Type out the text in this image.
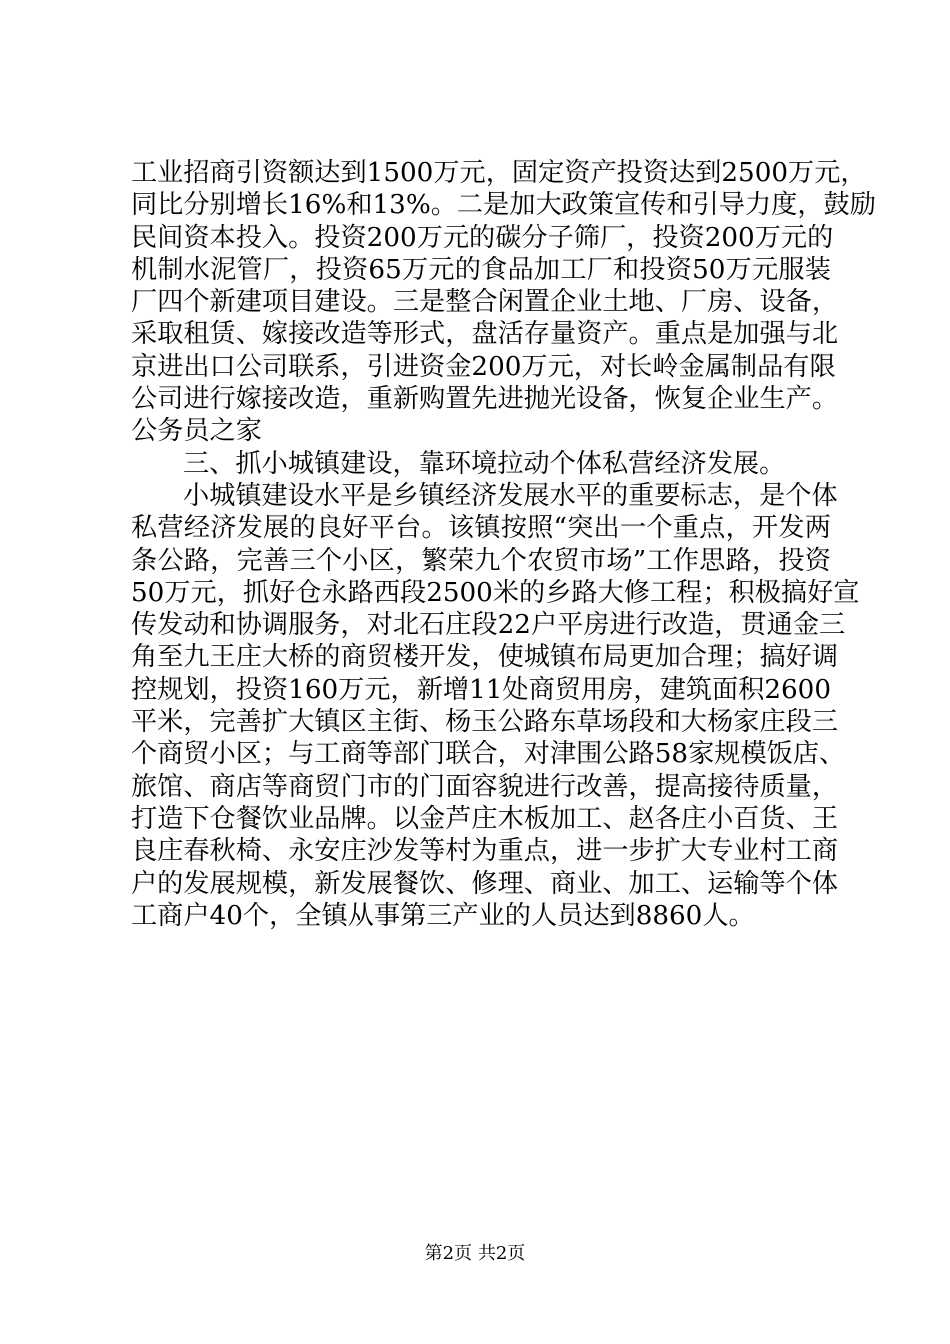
工业招商引资额达到1500万元，固定资产投资达到2500万元，
同比分别增长16%和13%。二是加大政策宣传和引导力度，鼓励
民间资本投入。投资200万元的碳分子筛厂，投资200万元的
机制水泥管厂，投资65万元的食品加工厂和投资50万元服装
厂四个新建项目建设。三是整合闲置企业土地、厂房、设备，
采取租赁、嫁接改造等形式，盘活存量资产。重点是加强与北
京进出口公司联系，引进资金200万元，对长岭金属制品有限
公司进行嫁接改造，重新购置先进抛光设备，恢复企业生产。
公务员之家
三、抓小城镇建设，靠环境拉动个体私营经济发展。
小城镇建设水平是乡镇经济发展水平的重要标志，是个体
私营经济发展的良好平台。该镇按照“突出一个重点，开发两
条公路，完善三个小区，繁荣九个农贸市场”工作思路，投资
50万元，抓好仓永路西段2500米的乡路大修工程；积极搞好宣
传发动和协调服务，对北石庄段22户平房进行改造，贯通金三
角至九王庄大桥的商贸楼开发，使城镇布局更加合理；搞好调
控规划，投资160万元，新增11处商贸用房，建筑面积2600
平米，完善扩大镇区主街、杨玉公路东草场段和大杨家庄段三
个商贸小区；与工商等部门联合，对津围公路58家规模饭店、
旅馆、商店等商贸门市的门面容貌进行改善，提高接待质量，
打造下仓餐饮业品牌。以金芦庄木板加工、赵各庄小百货、王
良庄春秋椅、永安庄沙发等村为重点，进一步扩大专业村工商
户的发展规模，新发展餐饮、修理、商业、加工、运输等个体
工商户40个，全镇从事第三产业的人员达到8860人。
第2页 共2页
